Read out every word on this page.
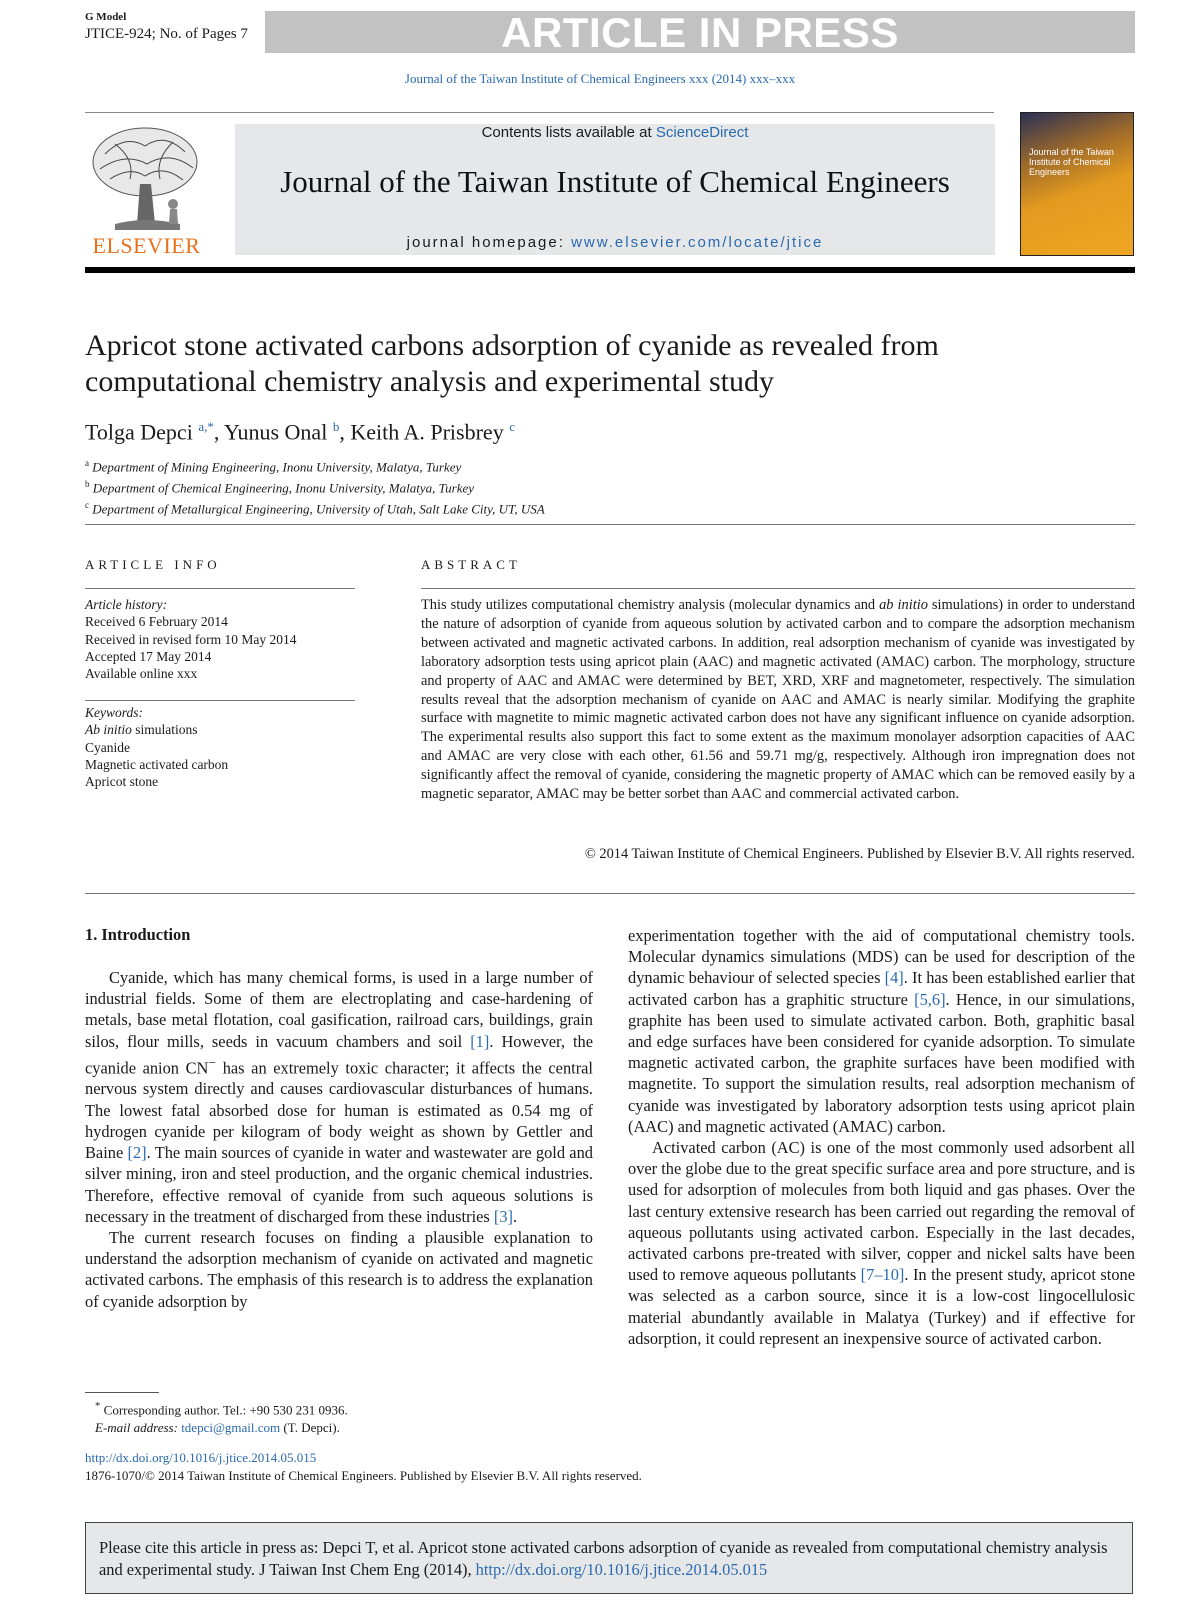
G Model
JTICE-924; No. of Pages 7	ARTICLE IN PRESS
Journal of the Taiwan Institute of Chemical Engineers xxx (2014) xxx–xxx
ELSEVIER
Contents lists available at ScienceDirect
Journal of the Taiwan Institute of Chemical Engineers
journal homepage: www.elsevier.com/locate/jtice
Journal of the Taiwan Institute of Chemical Engineers
Apricot stone activated carbons adsorption of cyanide as revealed from
computational chemistry analysis and experimental study
Tolga Depci $^{a,*}$, Yunus Onal $^b$, Keith A. Prisbrey $^c$
$^a$ Department of Mining Engineering, Inonu University, Malatya, Turkey
$^b$ Department of Chemical Engineering, Inonu University, Malatya, Turkey
$^c$ Department of Metallurgical Engineering, University of Utah, Salt Lake City, UT, USA
ARTICLE INFO	ABSTRACT
Article history:
Received 6 February 2014
Received in revised form 10 May 2014
Accepted 17 May 2014
Available online xxx
Keywords:
Ab initio simulations
Cyanide
Magnetic activated carbon
Apricot stone
This study utilizes computational chemistry analysis (molecular dynamics and ab initio simulations) in order to understand the nature of adsorption of cyanide from aqueous solution by activated carbon and to compare the adsorption mechanism between activated and magnetic activated carbons. In addition, real adsorption mechanism of cyanide was investigated by laboratory adsorption tests using apricot plain (AAC) and magnetic activated (AMAC) carbon. The morphology, structure and property of AAC and AMAC were determined by BET, XRD, XRF and magnetometer, respectively. The simulation results reveal that the adsorption mechanism of cyanide on AAC and AMAC is nearly similar. Modifying the graphite surface with magnetite to mimic magnetic activated carbon does not have any significant influence on cyanide adsorption. The experimental results also support this fact to some extent as the maximum monolayer adsorption capacities of AAC and AMAC are very close with each other, 61.56 and 59.71 mg/g, respectively. Although iron impregnation does not significantly affect the removal of cyanide, considering the magnetic property of AMAC which can be removed easily by a magnetic separator, AMAC may be better sorbet than AAC and commercial activated carbon.
© 2014 Taiwan Institute of Chemical Engineers. Published by Elsevier B.V. All rights reserved.
1. Introduction

Cyanide, which has many chemical forms, is used in a large number of industrial fields. Some of them are electroplating and case-hardening of metals, base metal flotation, coal gasification, railroad cars, buildings, grain silos, flour mills, seeds in vacuum chambers and soil [1]. However, the cyanide anion CN− has an extremely toxic character; it affects the central nervous system directly and causes cardiovascular disturbances of humans. The lowest fatal absorbed dose for human is estimated as 0.54 mg of hydrogen cyanide per kilogram of body weight as shown by Gettler and Baine [2]. The main sources of cyanide in water and wastewater are gold and silver mining, iron and steel production, and the organic chemical industries. Therefore, effective removal of cyanide from such aqueous solutions is necessary in the treatment of discharged from these industries [3].

The current research focuses on finding a plausible explanation to understand the adsorption mechanism of cyanide on activated and magnetic activated carbons. The emphasis of this research is to address the explanation of cyanide adsorption by

experimentation together with the aid of computational chemistry tools. Molecular dynamics simulations (MDS) can be used for description of the dynamic behaviour of selected species [4]. It has been established earlier that activated carbon has a graphitic structure [5,6]. Hence, in our simulations, graphite has been used to simulate activated carbon. Both, graphitic basal and edge surfaces have been considered for cyanide adsorption. To simulate magnetic activated carbon, the graphite surfaces have been modified with magnetite. To support the simulation results, real adsorption mechanism of cyanide was investigated by laboratory adsorption tests using apricot plain (AAC) and magnetic activated (AMAC) carbon.

Activated carbon (AC) is one of the most commonly used adsorbent all over the globe due to the great specific surface area and pore structure, and is used for adsorption of molecules from both liquid and gas phases. Over the last century extensive research has been carried out regarding the removal of aqueous pollutants using activated carbon. Especially in the last decades, activated carbons pre-treated with silver, copper and nickel salts have been used to remove aqueous pollutants [7–10]. In the present study, apricot stone was selected as a carbon source, since it is a low-cost lingocellulosic material abundantly available in Malatya (Turkey) and if effective for adsorption, it could represent an inexpensive source of activated carbon.

* Corresponding author. Tel.: +90 530 231 0936.
E-mail address: tdepci@gmail.com (T. Depci).
http://dx.doi.org/10.1016/j.jtice.2014.05.015
1876-1070/© 2014 Taiwan Institute of Chemical Engineers. Published by Elsevier B.V. All rights reserved.
Please cite this article in press as: Depci T, et al. Apricot stone activated carbons adsorption of cyanide as revealed from computational chemistry analysis and experimental study. J Taiwan Inst Chem Eng (2014), http://dx.doi.org/10.1016/j.jtice.2014.05.015
